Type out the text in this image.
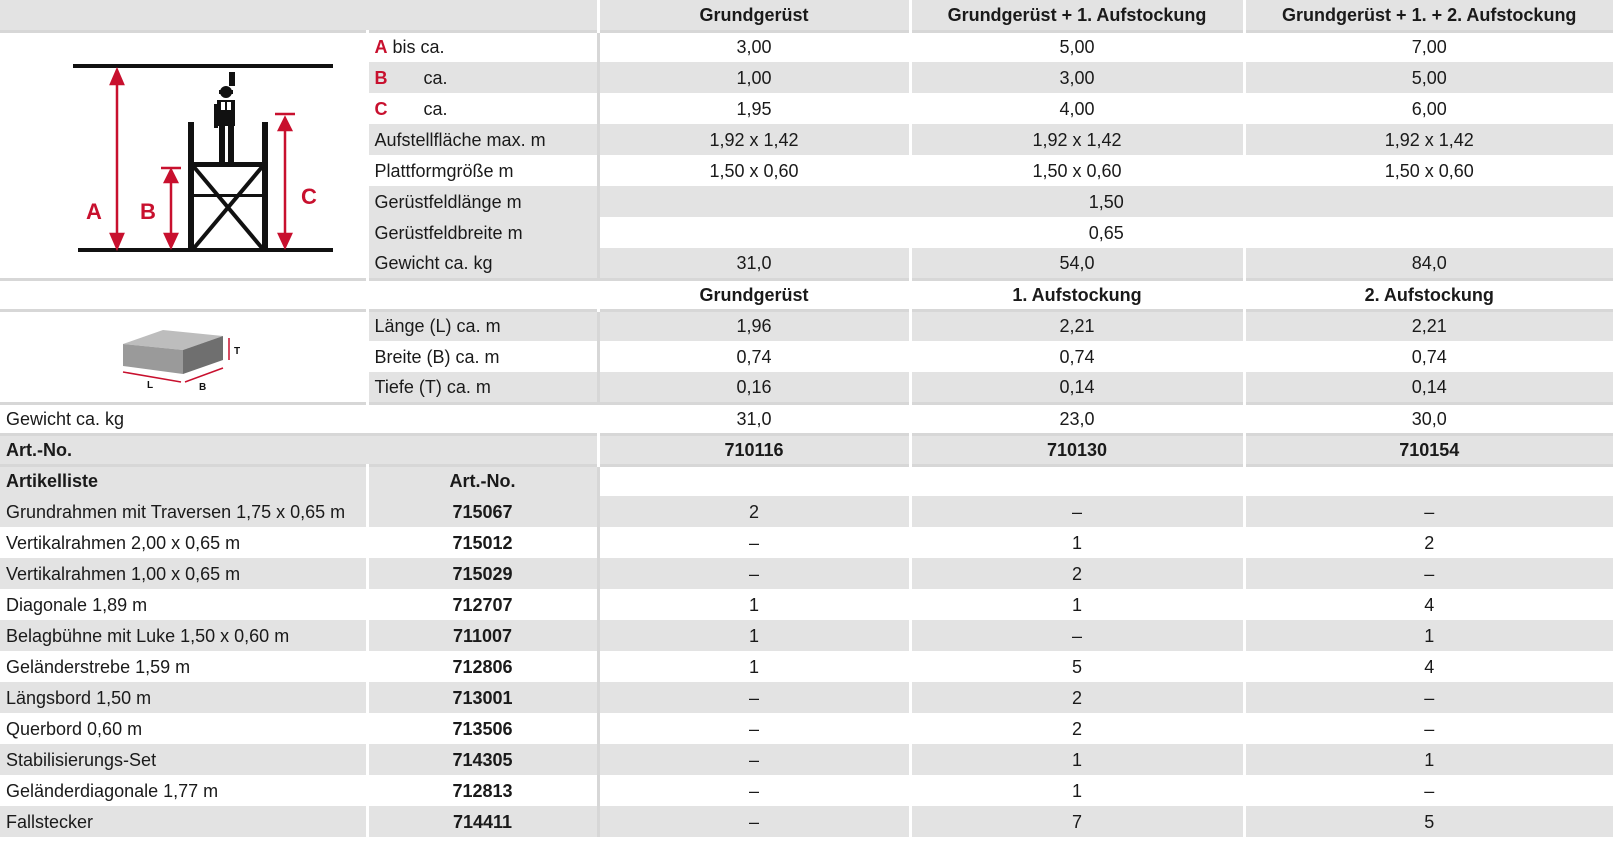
		Grundgerüst	Grundgerüst + 1. Aufstockung	Grundgerüst + 1. + 2. Aufstockung

A B
C	A bis ca.	3,00	5,00	7,00
	B ca.	1,00	3,00	5,00
	C ca.	1,95	4,00	6,00
	Aufstellfläche max. m	1,92 x 1,42	1,92 x 1,42	1,92 x 1,42
	Plattformgröße m	1,50 x 0,60	1,50 x 0,60	1,50 x 0,60
	Gerüstfeldlänge m	1,50		
	Gerüstfeldbreite m	0,65		
	Gewicht ca. kg	31,0	54,0	84,0
		Grundgerüst	1. Aufstockung	2. Aufstockung

T
L B	Länge (L) ca. m	1,96	2,21	2,21
	Breite (B) ca. m	0,74	0,74	0,74
	Tiefe (T) ca. m	0,16	0,14	0,14
Gewicht ca. kg		31,0	23,0	30,0
Art.-No.		710116	710130	710154
Artikelliste	Art.-No.			
Grundrahmen mit Traversen 1,75 x 0,65 m	715067	2	–	–
Vertikalrahmen 2,00 x 0,65 m	715012	–	1	2
Vertikalrahmen 1,00 x 0,65 m	715029	–	2	–
Diagonale 1,89 m	712707	1	1	4
Belagbühne mit Luke 1,50 x 0,60 m	711007	1	–	1
Geländerstrebe 1,59 m	712806	1	5	4
Längsbord 1,50 m	713001	–	2	–
Querbord 0,60 m	713506	–	2	–
Stabilisierungs-Set	714305	–	1	1
Geländerdiagonale 1,77 m	712813	–	1	–
Fallstecker	714411	–	7	5
